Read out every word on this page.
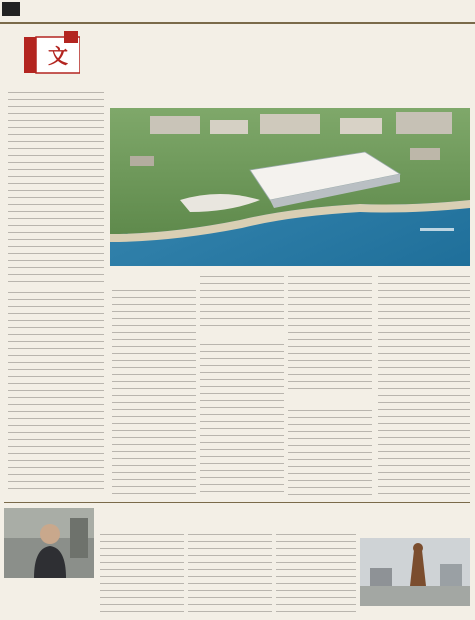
文
